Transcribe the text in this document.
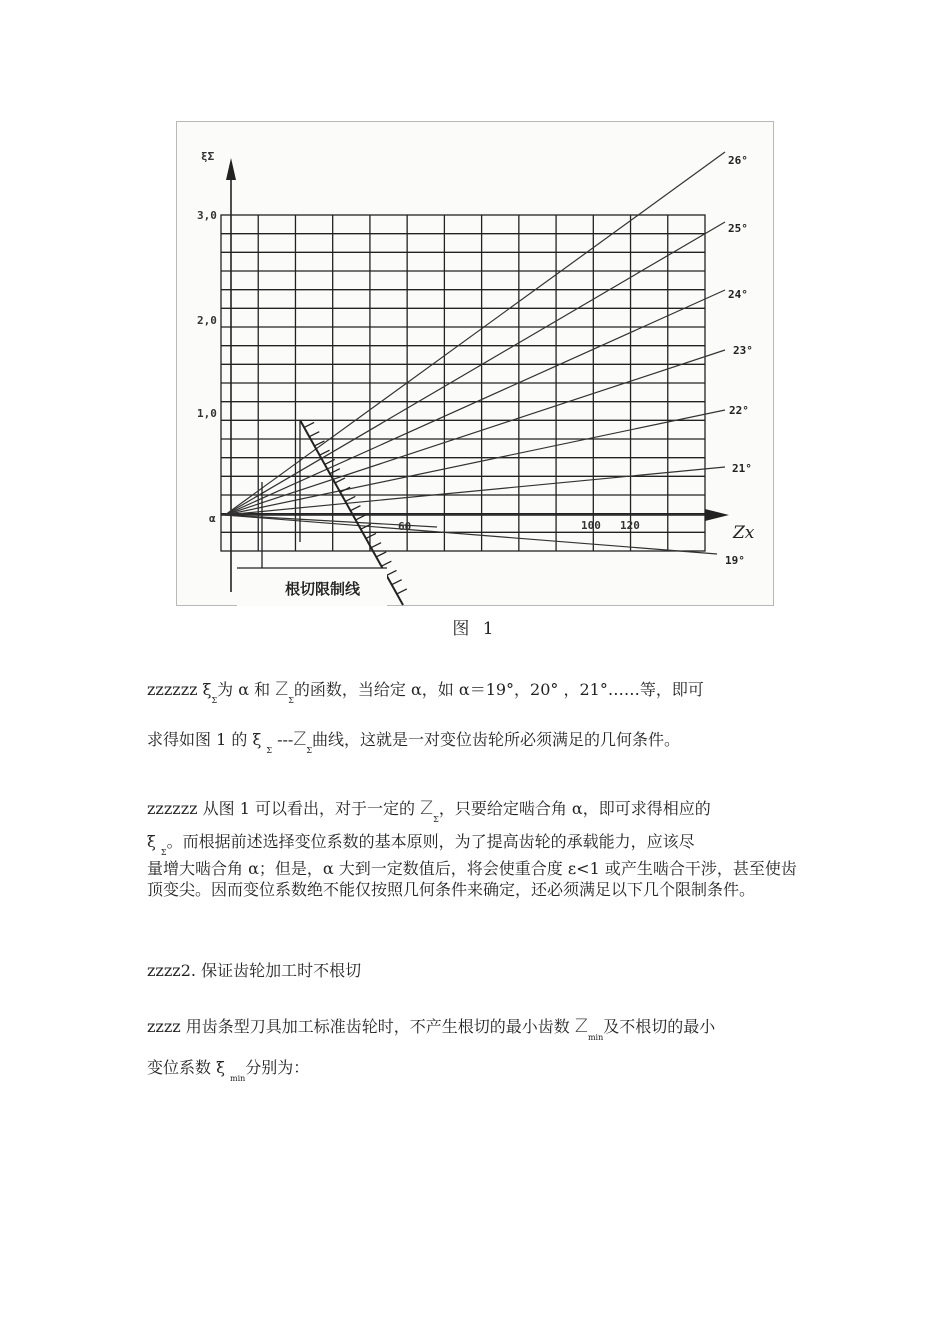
根切限制线
ξΣ
Zx
3,0
2,0
1,0
α
60	100 120
26°
25°
24°
23°
22°
21°
19°
图 1
zzzzzz $\xi_\Sigma$为 α 和 $Z_\Sigma$的函数，当给定 α，如 α＝19°，20° ，21°……等，即可
求得如图 1 的 ξ $_\Sigma$ $---Z_\Sigma$曲线，这就是一对变位齿轮所必须满足的几何条件。
zzzzzz 从图 1 可以看出，对于一定的 $Z_\Sigma$，只要给定啮合角 α，即可求得相应的
ξ $_\Sigma$。而根据前述选择变位系数的基本原则，为了提高齿轮的承载能力，应该尽
量增大啮合角 α；但是，α 大到一定数值后，将会使重合度 ε<1 或产生啮合干涉，甚至使齿顶变尖。因而变位系数绝不能仅按照几何条件来确定，还必须满足以下几个限制条件。
zzzz2. 保证齿轮加工时不根切
zzzz 用齿条型刀具加工标准齿轮时，不产生根切的最小齿数 $Z_{min}$及不根切的最小
变位系数 ξ $_{min}$分别为：
